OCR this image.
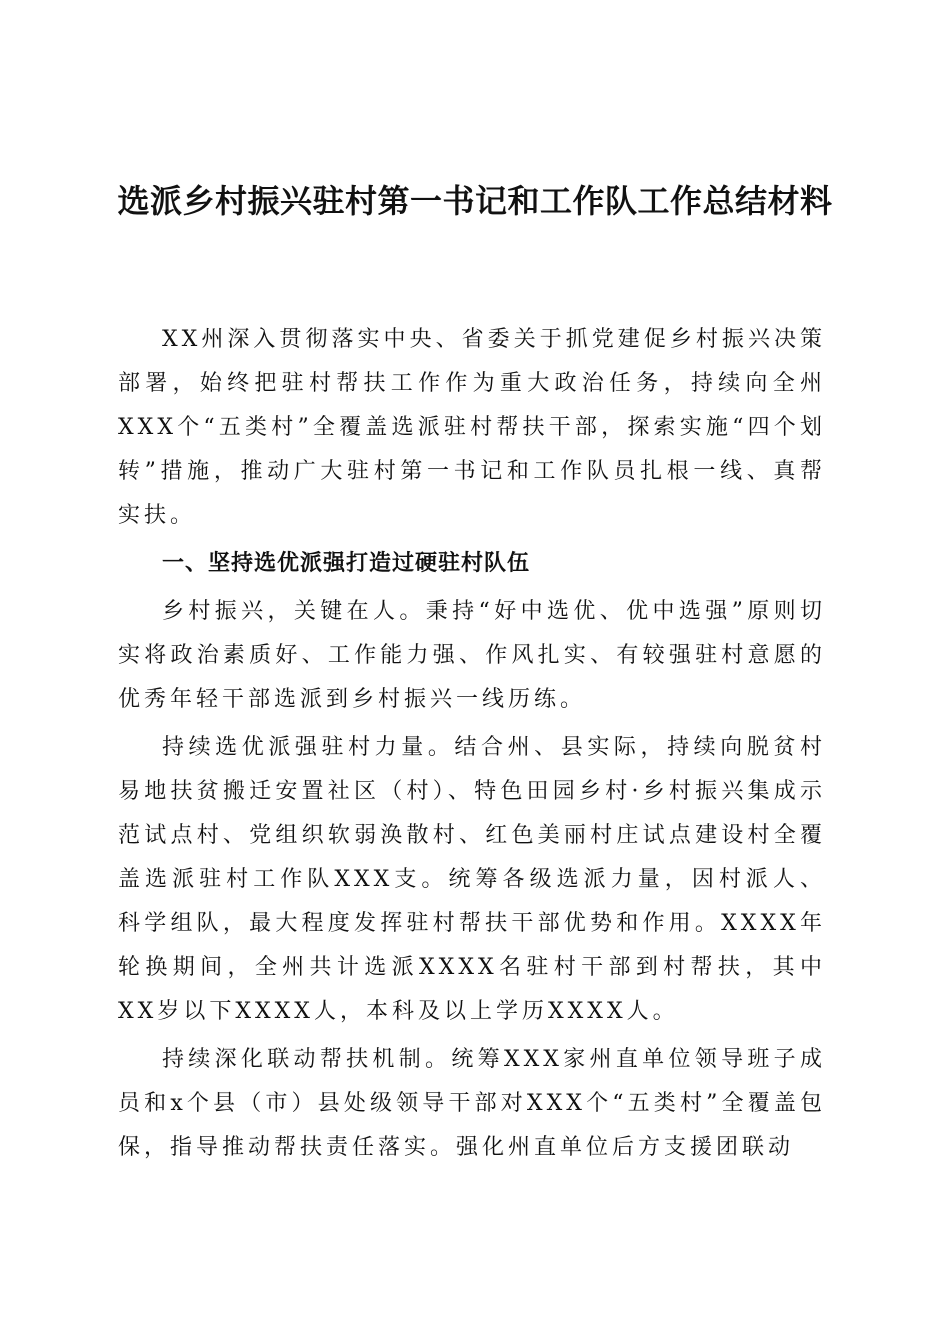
选派乡村振兴驻村第一书记和工作队工作总结材料

XX州深入贯彻落实中央、省委关于抓党建促乡村振兴决策部署，始终把驻村帮扶工作作为重大政治任务，持续向全州XXX个“五类村”全覆盖选派驻村帮扶干部，探索实施“四个划转”措施，推动广大驻村第一书记和工作队员扎根一线、真帮实扶。

一、坚持选优派强打造过硬驻村队伍

乡村振兴，关键在人。秉持“好中选优、优中选强”原则切实将政治素质好、工作能力强、作风扎实、有较强驻村意愿的优秀年轻干部选派到乡村振兴一线历练。

持续选优派强驻村力量。结合州、县实际，持续向脱贫村易地扶贫搬迁安置社区（村）、特色田园乡村·乡村振兴集成示范试点村、党组织软弱涣散村、红色美丽村庄试点建设村全覆盖选派驻村工作队XXX支。统筹各级选派力量，因村派人、科学组队，最大程度发挥驻村帮扶干部优势和作用。XXXX年轮换期间，全州共计选派XXXX名驻村干部到村帮扶，其中XX岁以下XXXX人，本科及以上学历XXXX人。

持续深化联动帮扶机制。统筹XXX家州直单位领导班子成员和x个县（市）县处级领导干部对XXX个“五类村”全覆盖包保，指导推动帮扶责任落实。强化州直单位后方支援团联动
